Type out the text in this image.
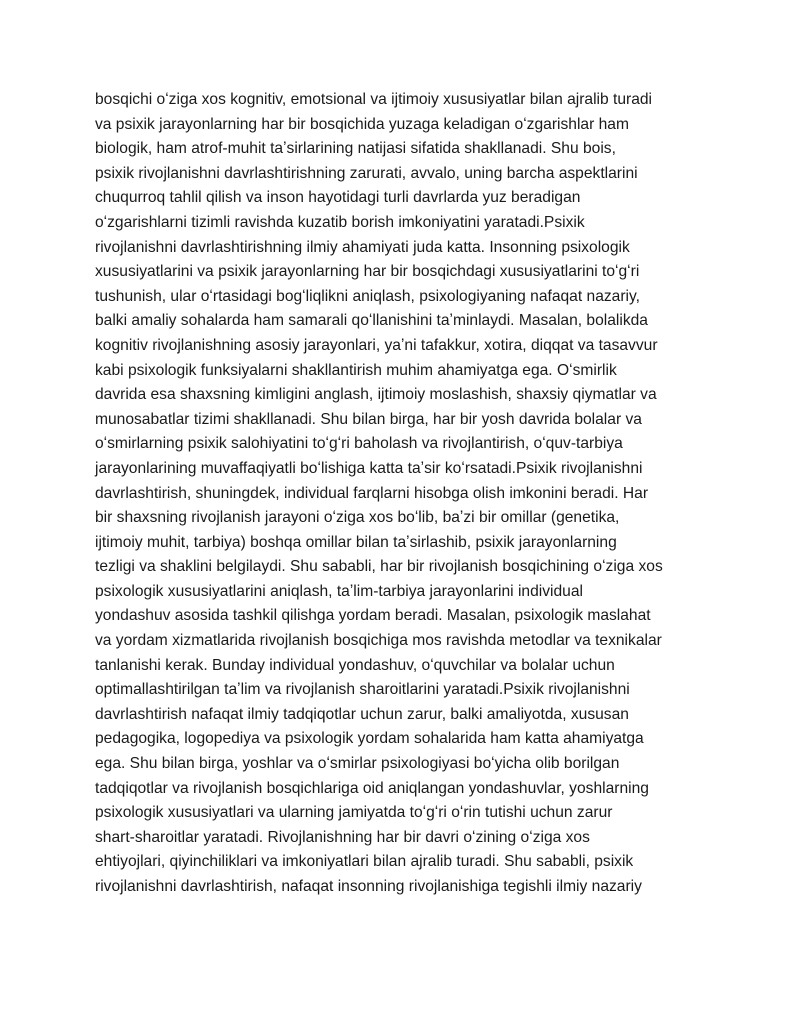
bosqichi oʻziga xos kognitiv, emotsional va ijtimoiy xususiyatlar bilan ajralib turadi
va psixik jarayonlarning har bir bosqichida yuzaga keladigan oʻzgarishlar ham
biologik, ham atrof-muhit taʼsirlarining natijasi sifatida shakllanadi. Shu bois,
psixik rivojlanishni davrlashtirishning zarurati, avvalo, uning barcha aspektlarini
chuqurroq tahlil qilish va inson hayotidagi turli davrlarda yuz beradigan
oʻzgarishlarni tizimli ravishda kuzatib borish imkoniyatini yaratadi.Psixik
rivojlanishni davrlashtirishning ilmiy ahamiyati juda katta. Insonning psixologik
xususiyatlarini va psixik jarayonlarning har bir bosqichdagi xususiyatlarini toʻgʻri
tushunish, ular oʻrtasidagi bogʻliqlikni aniqlash, psixologiyaning nafaqat nazariy,
balki amaliy sohalarda ham samarali qoʻllanishini taʼminlaydi. Masalan, bolalikda
kognitiv rivojlanishning asosiy jarayonlari, yaʼni tafakkur, xotira, diqqat va tasavvur
kabi psixologik funksiyalarni shakllantirish muhim ahamiyatga ega. Oʻsmirlik
davrida esa shaxsning kimligini anglash, ijtimoiy moslashish, shaxsiy qiymatlar va
munosabatlar tizimi shakllanadi. Shu bilan birga, har bir yosh davrida bolalar va
oʻsmirlarning psixik salohiyatini toʻgʻri baholash va rivojlantirish, oʻquv-tarbiya
jarayonlarining muvaffaqiyatli boʻlishiga katta taʼsir koʻrsatadi.Psixik rivojlanishni
davrlashtirish, shuningdek, individual farqlarni hisobga olish imkonini beradi. Har
bir shaxsning rivojlanish jarayoni oʻziga xos boʻlib, baʼzi bir omillar (genetika,
ijtimoiy muhit, tarbiya) boshqa omillar bilan taʼsirlashib, psixik jarayonlarning
tezligi va shaklini belgilaydi. Shu sababli, har bir rivojlanish bosqichining oʻziga xos
psixologik xususiyatlarini aniqlash, taʼlim-tarbiya jarayonlarini individual
yondashuv asosida tashkil qilishga yordam beradi. Masalan, psixologik maslahat
va yordam xizmatlarida rivojlanish bosqichiga mos ravishda metodlar va texnikalar
tanlanishi kerak. Bunday individual yondashuv, oʻquvchilar va bolalar uchun
optimallashtirilgan taʼlim va rivojlanish sharoitlarini yaratadi.Psixik rivojlanishni
davrlashtirish nafaqat ilmiy tadqiqotlar uchun zarur, balki amaliyotda, xususan
pedagogika, logopediya va psixologik yordam sohalarida ham katta ahamiyatga
ega. Shu bilan birga, yoshlar va oʻsmirlar psixologiyasi boʻyicha olib borilgan
tadqiqotlar va rivojlanish bosqichlariga oid aniqlangan yondashuvlar, yoshlarning
psixologik xususiyatlari va ularning jamiyatda toʻgʻri oʻrin tutishi uchun zarur
shart-sharoitlar yaratadi. Rivojlanishning har bir davri oʻzining oʻziga xos
ehtiyojlari, qiyinchiliklari va imkoniyatlari bilan ajralib turadi. Shu sababli, psixik
rivojlanishni davrlashtirish, nafaqat insonning rivojlanishiga tegishli ilmiy nazariy
